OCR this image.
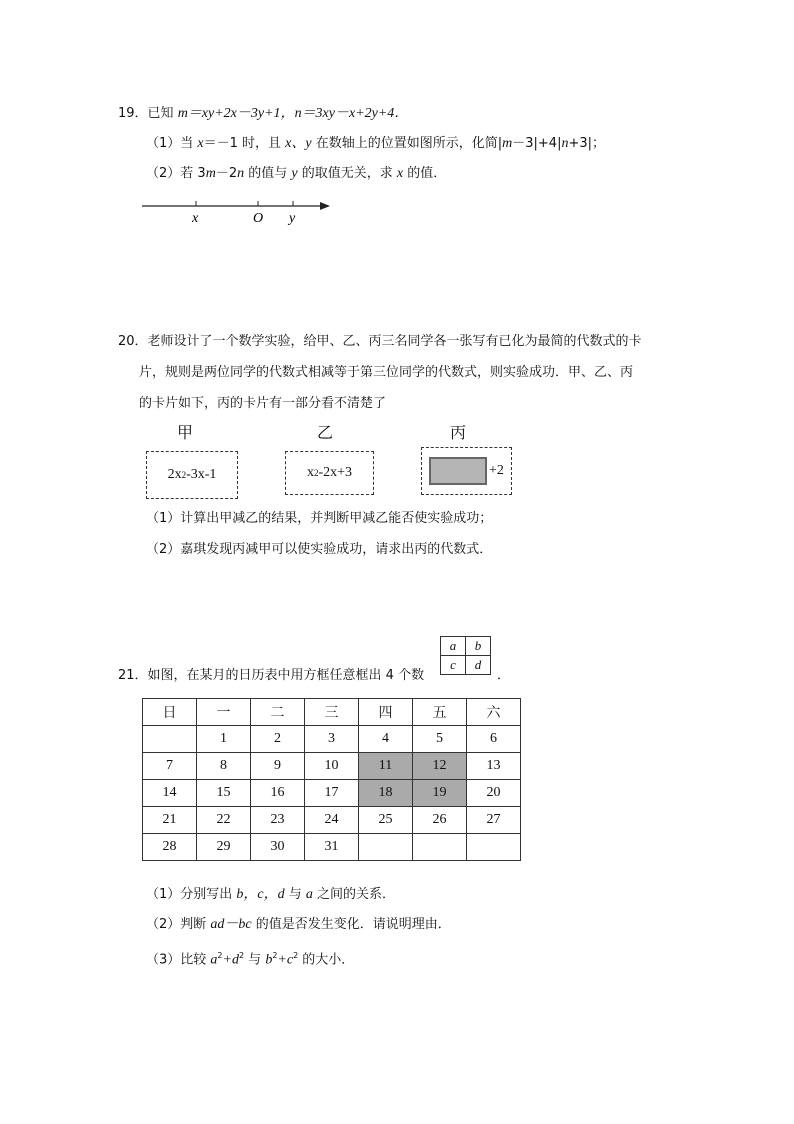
19．已知 m＝xy+2x－3y+1，n＝3xy－x+2y+4．
（1）当 x＝－1 时，且 x、y 在数轴上的位置如图所示，化简|m－3|+4|n+3|；
（2）若 3m－2n 的值与 y 的取值无关，求 x 的值．
x	O y
20．老师设计了一个数学实验，给甲、乙、丙三名同学各一张写有已化为最简的代数式的卡
片，规则是两位同学的代数式相减等于第三位同学的代数式，则实验成功．甲、乙、丙
的卡片如下，丙的卡片有一部分看不清楚了
甲
2x 2 -3x-1
乙
x 2 -2x+3
丙
+2
（1）计算出甲减乙的结果，并判断甲减乙能否使实验成功；
（2）嘉琪发现丙减甲可以使实验成功，请求出丙的代数式．
21．如图，在某月的日历表中用方框任意框出 4 个数
a	b
c	d
．
日	一	二	三	四	五	六
	1	2	3	4	5	6
7	8	9	10	11	12	13
14	15	16	17	18	19	20
21	22	23	24	25	26	27
28	29	30	31			
（1）分别写出 b，c，d 与 a 之间的关系．
（2）判断 ad－bc 的值是否发生变化．请说明理由．
（3）比较 $a^2+d^2$ 与 $b^2+c^2$ 的大小．
